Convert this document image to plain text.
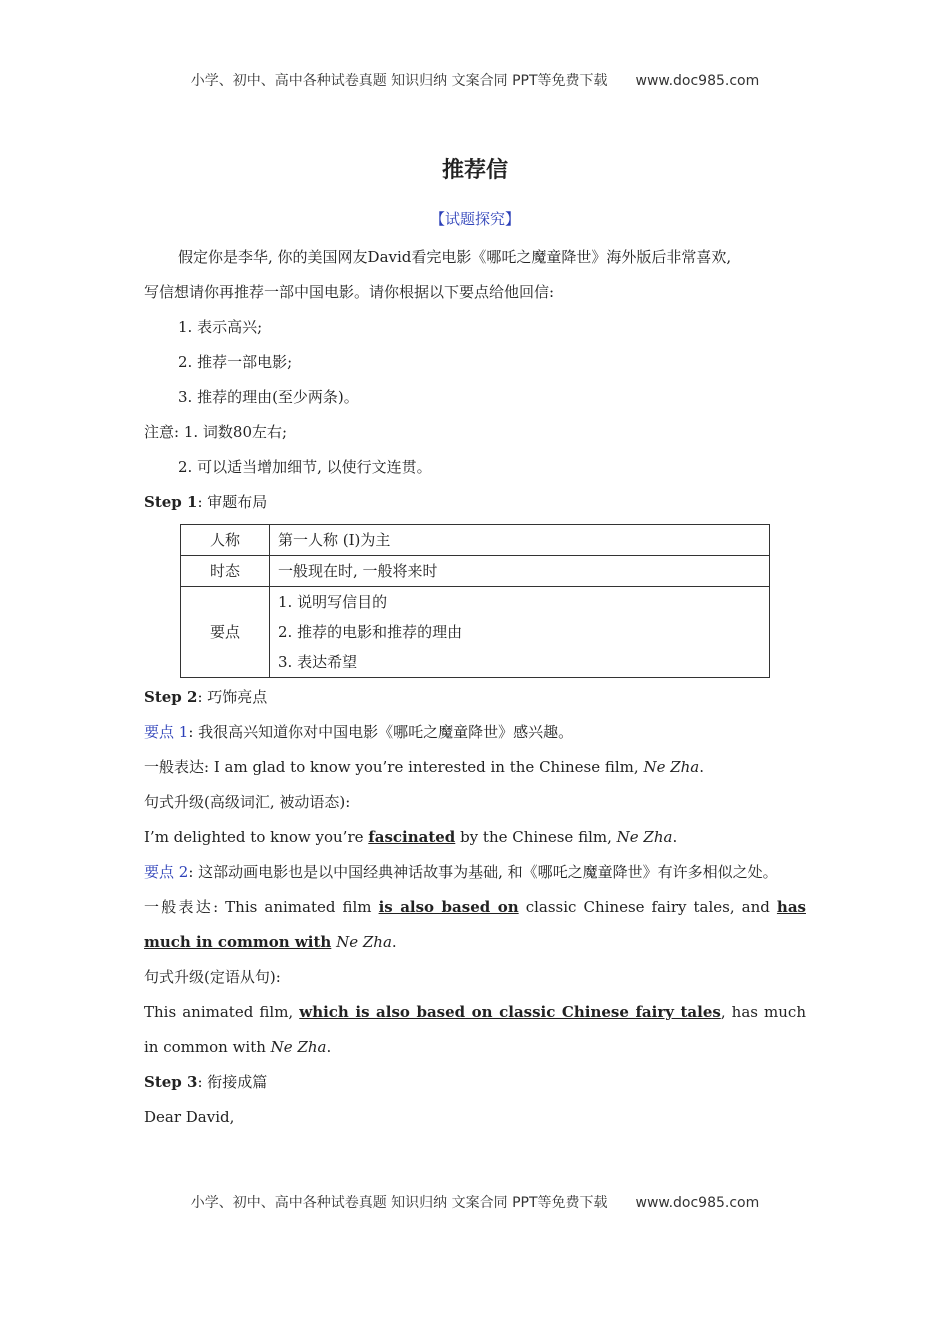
小学、初中、高中各种试卷真题 知识归纳 文案合同 PPT等免费下载 www.doc985.com
推荐信
【试题探究】

假定你是李华, 你的美国网友David看完电影《哪吒之魔童降世》海外版后非常喜欢,

写信想请你再推荐一部中国电影。请你根据以下要点给他回信:

1. 表示高兴;

2. 推荐一部电影;

3. 推荐的理由(至少两条)。

注意: 1. 词数80左右;

2. 可以适当增加细节, 以使行文连贯。

Step 1: 审题布局

人称	第一人称 (I)为主
时态	一般现在时, 一般将来时
要点	1. 说明写信目的
2. 推荐的电影和推荐的理由
3. 表达希望

Step 2: 巧饰亮点

要点 1: 我很高兴知道你对中国电影《哪吒之魔童降世》感兴趣。

一般表达: I am glad to know you’re interested in the Chinese film, Ne Zha.

句式升级(高级词汇, 被动语态):

I’m delighted to know you’re fascinated by the Chinese film, Ne Zha.

要点 2: 这部动画电影也是以中国经典神话故事为基础, 和《哪吒之魔童降世》有许多相似之处。

一般表达: This animated film is also based on classic Chinese fairy tales, and has much in common with Ne Zha.

句式升级(定语从句):

This animated film, which is also based on classic Chinese fairy tales, has much in common with Ne Zha.

Step 3: 衔接成篇

Dear David,

小学、初中、高中各种试卷真题 知识归纳 文案合同 PPT等免费下载 www.doc985.com
